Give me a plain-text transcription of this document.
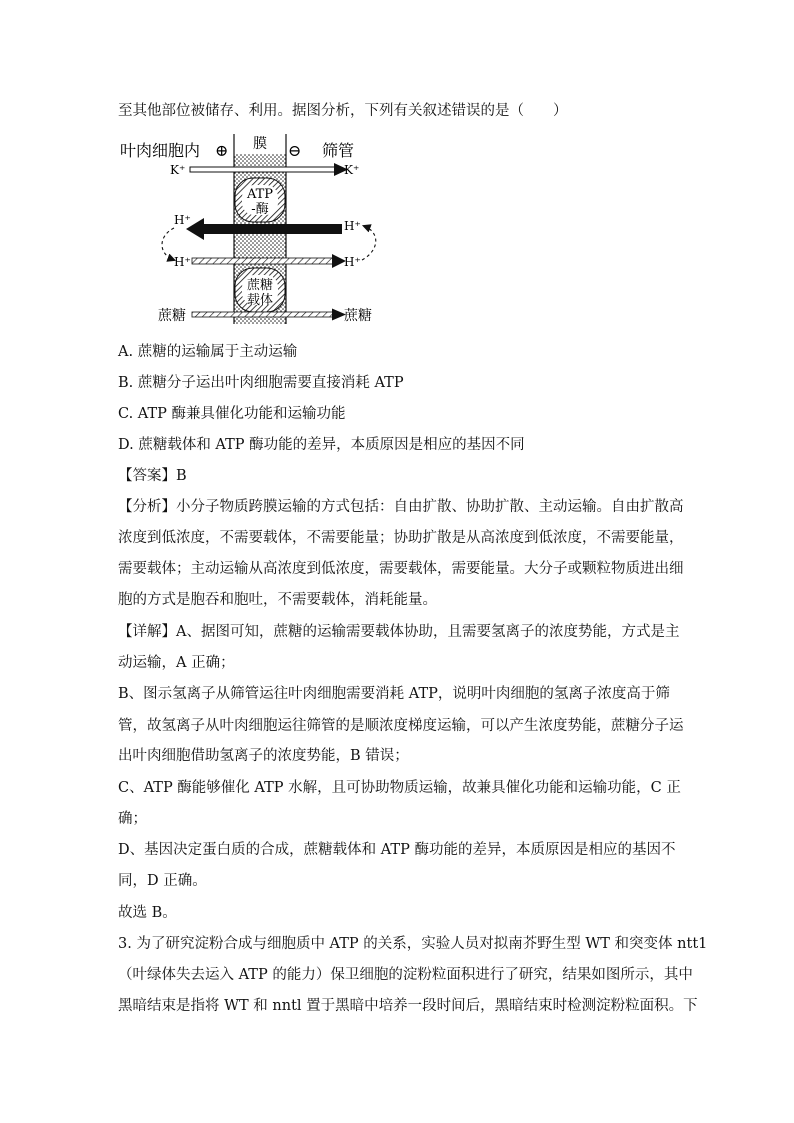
至其他部位被储存、利用。据图分析，下列有关叙述错误的是（　　）
膜
叶肉细胞内	筛管
⊕	⊖
K⁺	K⁺
ATP
-酶
H⁺	H⁺
H⁺	H⁺
蔗糖
载体
蔗糖	蔗糖
A. 蔗糖的运输属于主动运输
B. 蔗糖分子运出叶肉细胞需要直接消耗 ATP
C. ATP 酶兼具催化功能和运输功能
D. 蔗糖载体和 ATP 酶功能的差异，本质原因是相应的基因不同
【答案】B
【分析】小分子物质跨膜运输的方式包括：自由扩散、协助扩散、主动运输。自由扩散高
浓度到低浓度，不需要载体，不需要能量；协助扩散是从高浓度到低浓度，不需要能量，
需要载体；主动运输从高浓度到低浓度，需要载体，需要能量。大分子或颗粒物质进出细
胞的方式是胞吞和胞吐，不需要载体，消耗能量。
【详解】A、据图可知，蔗糖的运输需要载体协助，且需要氢离子的浓度势能，方式是主
动运输，A 正确；
B、图示氢离子从筛管运往叶肉细胞需要消耗 ATP，说明叶肉细胞的氢离子浓度高于筛
管，故氢离子从叶肉细胞运往筛管的是顺浓度梯度运输，可以产生浓度势能，蔗糖分子运
出叶肉细胞借助氢离子的浓度势能，B 错误；
C、ATP 酶能够催化 ATP 水解，且可协助物质运输，故兼具催化功能和运输功能，C 正
确；
D、基因决定蛋白质的合成，蔗糖载体和 ATP 酶功能的差异，本质原因是相应的基因不
同，D 正确。
故选 B。
3. 为了研究淀粉合成与细胞质中 ATP 的关系，实验人员对拟南芥野生型 WT 和突变体 ntt1
（叶绿体失去运入 ATP 的能力）保卫细胞的淀粉粒面积进行了研究，结果如图所示，其中
黑暗结束是指将 WT 和 nntl 置于黑暗中培养一段时间后，黑暗结束时检测淀粉粒面积。下
